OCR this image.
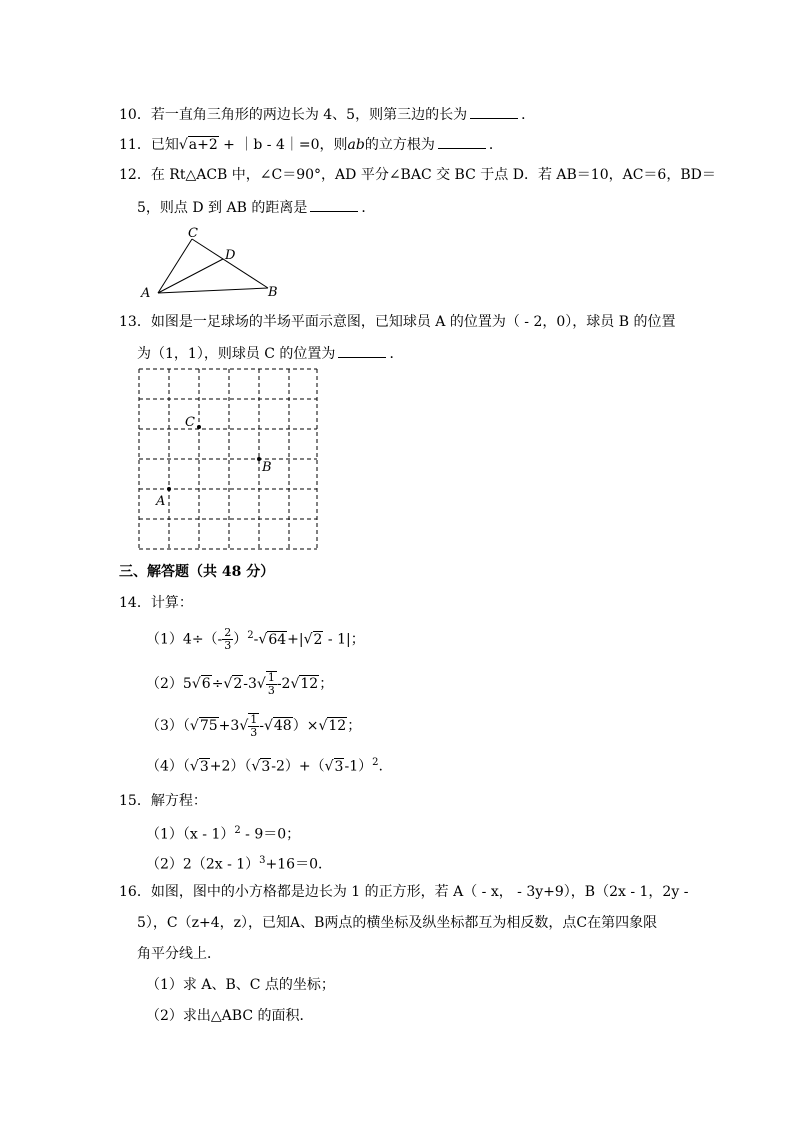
10．若一直角三角形的两边长为 4、5，则第三边的长为	．
11．已知√a+2 + ｜b - 4｜=0，则ab的立方根为	．
12．在 Rt△ACB 中，∠C＝90°，AD 平分∠BAC 交 BC 于点 D．若 AB＝10，AC＝6，BD＝
5，则点 D 到 AB 的距离是	．
C
D
A	B
13．如图是一足球场的半场平面示意图，已知球员 A 的位置为（ - 2，0），球员 B 的位置
为（1，1），则球员 C 的位置为	．
C
B
A
三、解答题（共 48 分）
14．计算：
$(1)4\div(- \frac{2}{3} )^2-√64+|√2 - 1|$；
$(2)5√6\div√2-3√ \frac{1}{3} -2√12$；
$(3)(√75+3√ \frac{1}{3} -√48)\times√12$；
$(4)(√3+2)(√3-2)+(√3-1)^2$.
15．解方程：
（1）（x - 1）$^2$ - 9＝0；
（2）2（2x - 1）$^3$+16＝0．
16．如图，图中的小方格都是边长为 1 的正方形，若 A（ - x， - 3y+9），B（2x - 1，2y -
5），C（z+4，z），已知A、B两点的横坐标及纵坐标都互为相反数，点C在第四象限
角平分线上．
（1）求 A、B、C 点的坐标；
（2）求出△ABC 的面积．
